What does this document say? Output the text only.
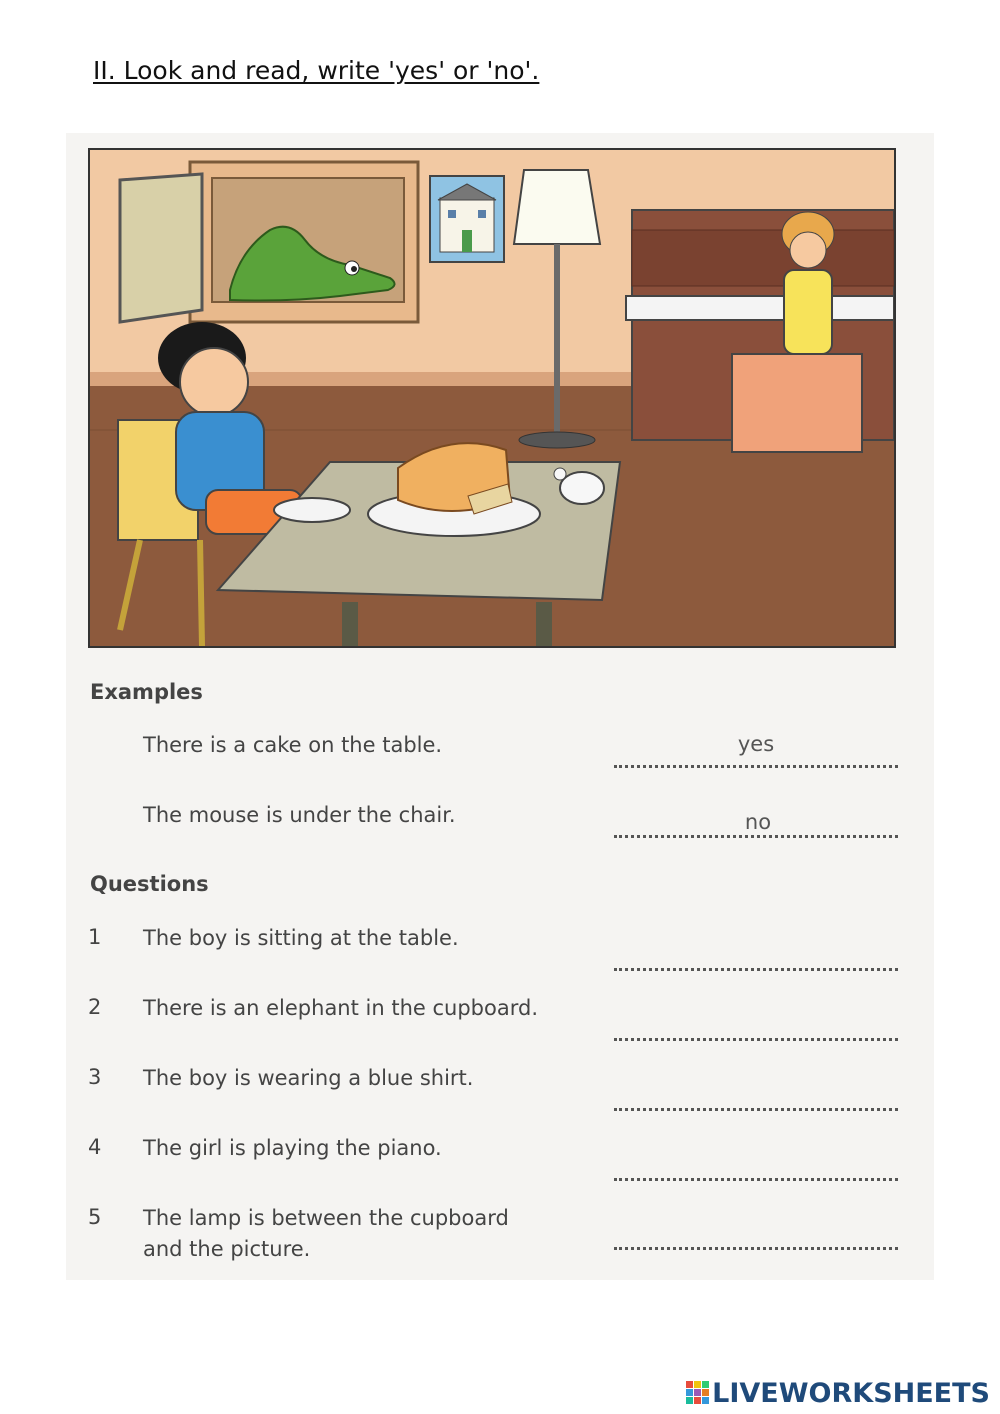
II. Look and read, write 'yes' or 'no'.
Examples
There is a cake on the table.	yes
The mouse is under the chair.	no
Questions
1 The boy is sitting at the table.
2 There is an elephant in the cupboard.
3 The boy is wearing a blue shirt.
4 The girl is playing the piano.
5 The lamp is between the cupboard
and the picture.
LIVEWORKSHEETS
